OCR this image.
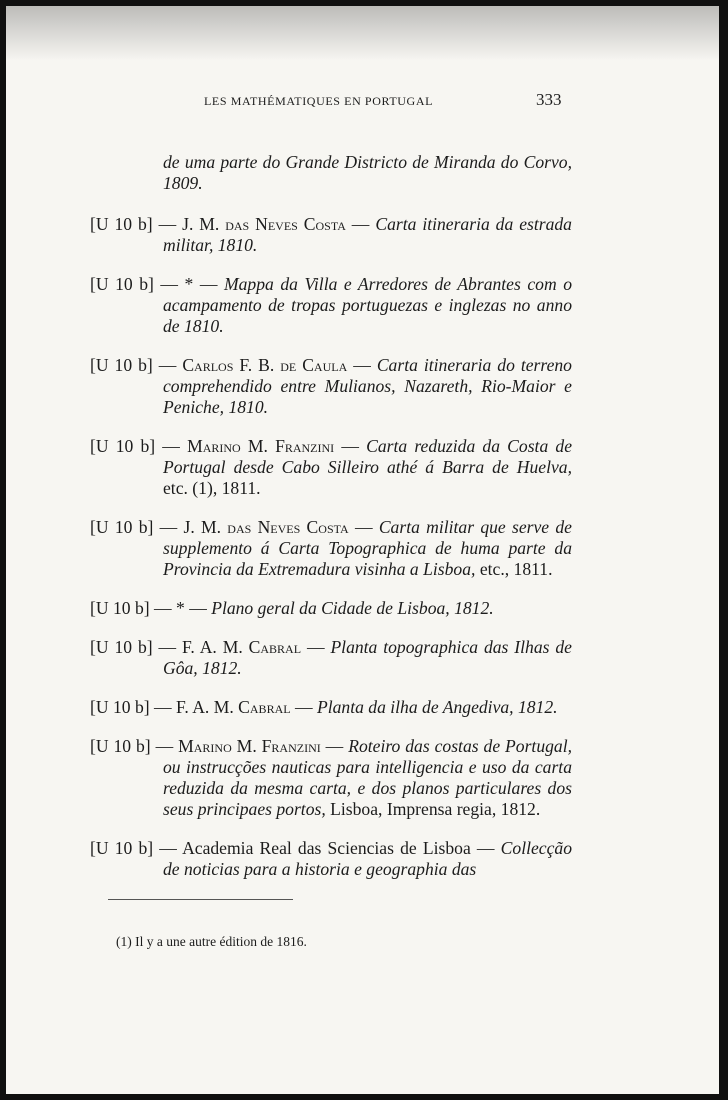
LES MATHÉMATIQUES EN PORTUGAL	333

de uma parte do Grande Districto de Miranda do Corvo, 1809.

[U 10 b] — J. M. das Neves Costa — Carta itineraria da estrada militar, 1810.

[U 10 b] — * — Mappa da Villa e Arredores de Abrantes com o acampamento de tropas portuguezas e inglezas no anno de 1810.

[U 10 b] — Carlos F. B. de Caula — Carta itineraria do terreno comprehendido entre Mulianos, Nazareth, Rio-Maior e Peniche, 1810.

[U 10 b] — Marino M. Franzini — Carta reduzida da Costa de Portugal desde Cabo Silleiro athé á Barra de Huelva, etc. (1), 1811.

[U 10 b] — J. M. das Neves Costa — Carta militar que serve de supplemento á Carta Topographica de huma parte da Provincia da Extremadura visinha a Lisboa, etc., 1811.

[U 10 b] — * — Plano geral da Cidade de Lisboa, 1812.

[U 10 b] — F. A. M. Cabral — Planta topographica das Ilhas de Gôa, 1812.

[U 10 b] — F. A. M. Cabral — Planta da ilha de Angediva, 1812.

[U 10 b] — Marino M. Franzini — Roteiro das costas de Portugal, ou instrucções nauticas para intelligencia e uso da carta reduzida da mesma carta, e dos planos particulares dos seus principaes portos, Lisboa, Imprensa regia, 1812.

[U 10 b] — Academia Real das Sciencias de Lisboa — Collecção de noticias para a historia e geographia das

(1) Il y a une autre édition de 1816.
